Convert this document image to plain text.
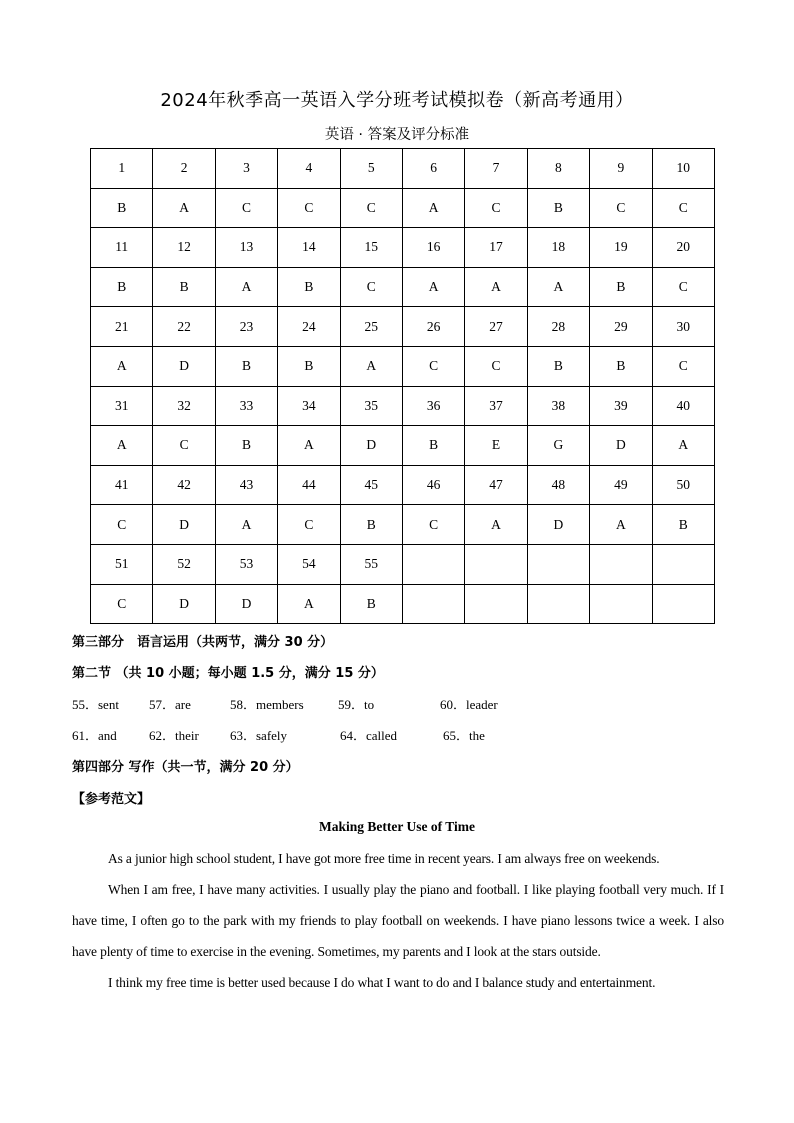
2024年秋季高一英语入学分班考试模拟卷（新高考通用）
英语 · 答案及评分标准
1	2	3	4	5	6	7	8	9	10
B	A	C	C	C	A	C	B	C	C
11	12	13	14	15	16	17	18	19	20
B	B	A	B	C	A	A	A	B	C
21	22	23	24	25	26	27	28	29	30
A	D	B	B	A	C	C	B	B	C
31	32	33	34	35	36	37	38	39	40
A	C	B	A	D	B	E	G	D	A
41	42	43	44	45	46	47	48	49	50
C	D	A	C	B	C	A	D	A	B
51	52	53	54	55					
C	D	D	A	B					
第三部分　语言运用（共两节，满分 30 分）
第二节 （共 10 小题；每小题 1.5 分，满分 15 分）
55．sent 57．are	58．members	59．to	60．leader
61．and 62．their 63．safely	64．called	65．the
第四部分 写作（共一节，满分 20 分）
【参考范文】
Making Better Use of Time
As a junior high school student, I have got more free time in recent years. I am always free on weekends.
When I am free, I have many activities. I usually play the piano and football. I like playing football very much. If I have time, I often go to the park with my friends to play football on weekends. I have piano lessons twice a week. I also have plenty of time to exercise in the evening. Sometimes, my parents and I look at the stars outside.
I think my free time is better used because I do what I want to do and I balance study and entertainment.
